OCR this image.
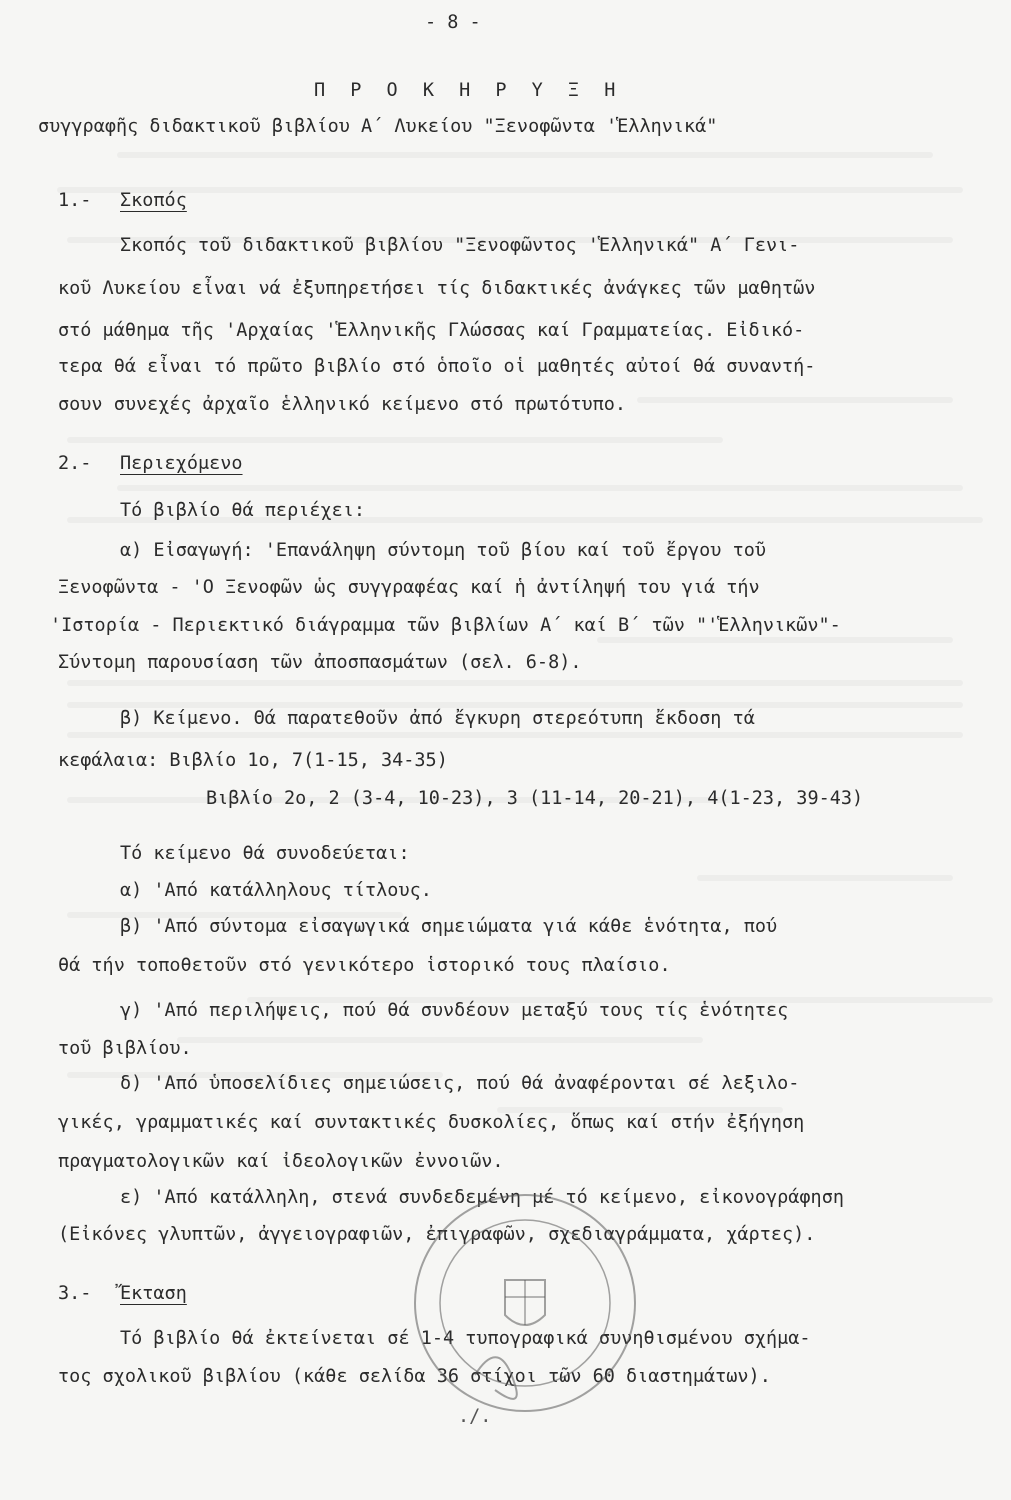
- 8 -
Π Ρ Ο Κ Η Ρ Υ Ξ Η
συγγραφῆς διδακτικοῦ βιβλίου Α΄ Λυκείου "Ξενοφῶντα 'Ἑλληνικά"
1.- Σκοπός
Σκοπός τοῦ διδακτικοῦ βιβλίου "Ξενοφῶντος 'Ἑλληνικά" Α΄ Γενι-
κοῦ Λυκείου εἶναι νά ἐξυπηρετήσει τίς διδακτικές ἀνάγκες τῶν μαθητῶν
στό μάθημα τῆς 'Αρχαίας 'Ἑλληνικῆς Γλώσσας καί Γραμματείας. Εἰδικό-
τερα θά εἶναι τό πρῶτο βιβλίο στό ὁποῖο οἱ μαθητές αὐτοί θά συναντή-
σουν συνεχές ἀρχαῖο ἑλληνικό κείμενο στό πρωτότυπο.
2.- Περιεχόμενο
Τό βιβλίο θά περιέχει:
α) Εἰσαγωγή: 'Επανάληψη σύντομη τοῦ βίου καί τοῦ ἔργου τοῦ
Ξενοφῶντα - 'Ο Ξενοφῶν ὡς συγγραφέας καί ἡ ἀντίληψή του γιά τήν
'Ιστορία - Περιεκτικό διάγραμμα τῶν βιβλίων Α΄ καί Β΄ τῶν "'Ἑλληνικῶν"-
Σύντομη παρουσίαση τῶν ἀποσπασμάτων (σελ. 6-8).
β) Κείμενο. Θά παρατεθοῦν ἀπό ἔγκυρη στερεότυπη ἔκδοση τά
κεφάλαια: Βιβλίο 1ο, 7(1-15, 34-35)
Βιβλίο 2ο, 2 (3-4, 10-23), 3 (11-14, 20-21), 4(1-23, 39-43)
Τό κείμενο θά συνοδεύεται:
α) 'Από κατάλληλους τίτλους.
β) 'Από σύντομα εἰσαγωγικά σημειώματα γιά κάθε ἑνότητα, πού
θά τήν τοποθετοῦν στό γενικότερο ἱστορικό τους πλαίσιο.
γ) 'Από περιλήψεις, πού θά συνδέουν μεταξύ τους τίς ἑνότητες
τοῦ βιβλίου.
δ) 'Από ὑποσελίδιες σημειώσεις, πού θά ἀναφέρονται σέ λεξιλο-
γικές, γραμματικές καί συντακτικές δυσκολίες, ὅπως καί στήν ἐξήγηση
πραγματολογικῶν καί ἰδεολογικῶν ἐννοιῶν.
ε) 'Από κατάλληλη, στενά συνδεδεμένη μέ τό κείμενο, εἰκονογράφηση
(Εἰκόνες γλυπτῶν, ἀγγειογραφιῶν, ἐπιγραφῶν, σχεδιαγράμματα, χάρτες).
3.- Ἔκταση
Τό βιβλίο θά ἐκτείνεται σέ 1-4 τυπογραφικά συνηθισμένου σχήμα-
τος σχολικοῦ βιβλίου (κάθε σελίδα 36 στίχοι τῶν 60 διαστημάτων).
./.
